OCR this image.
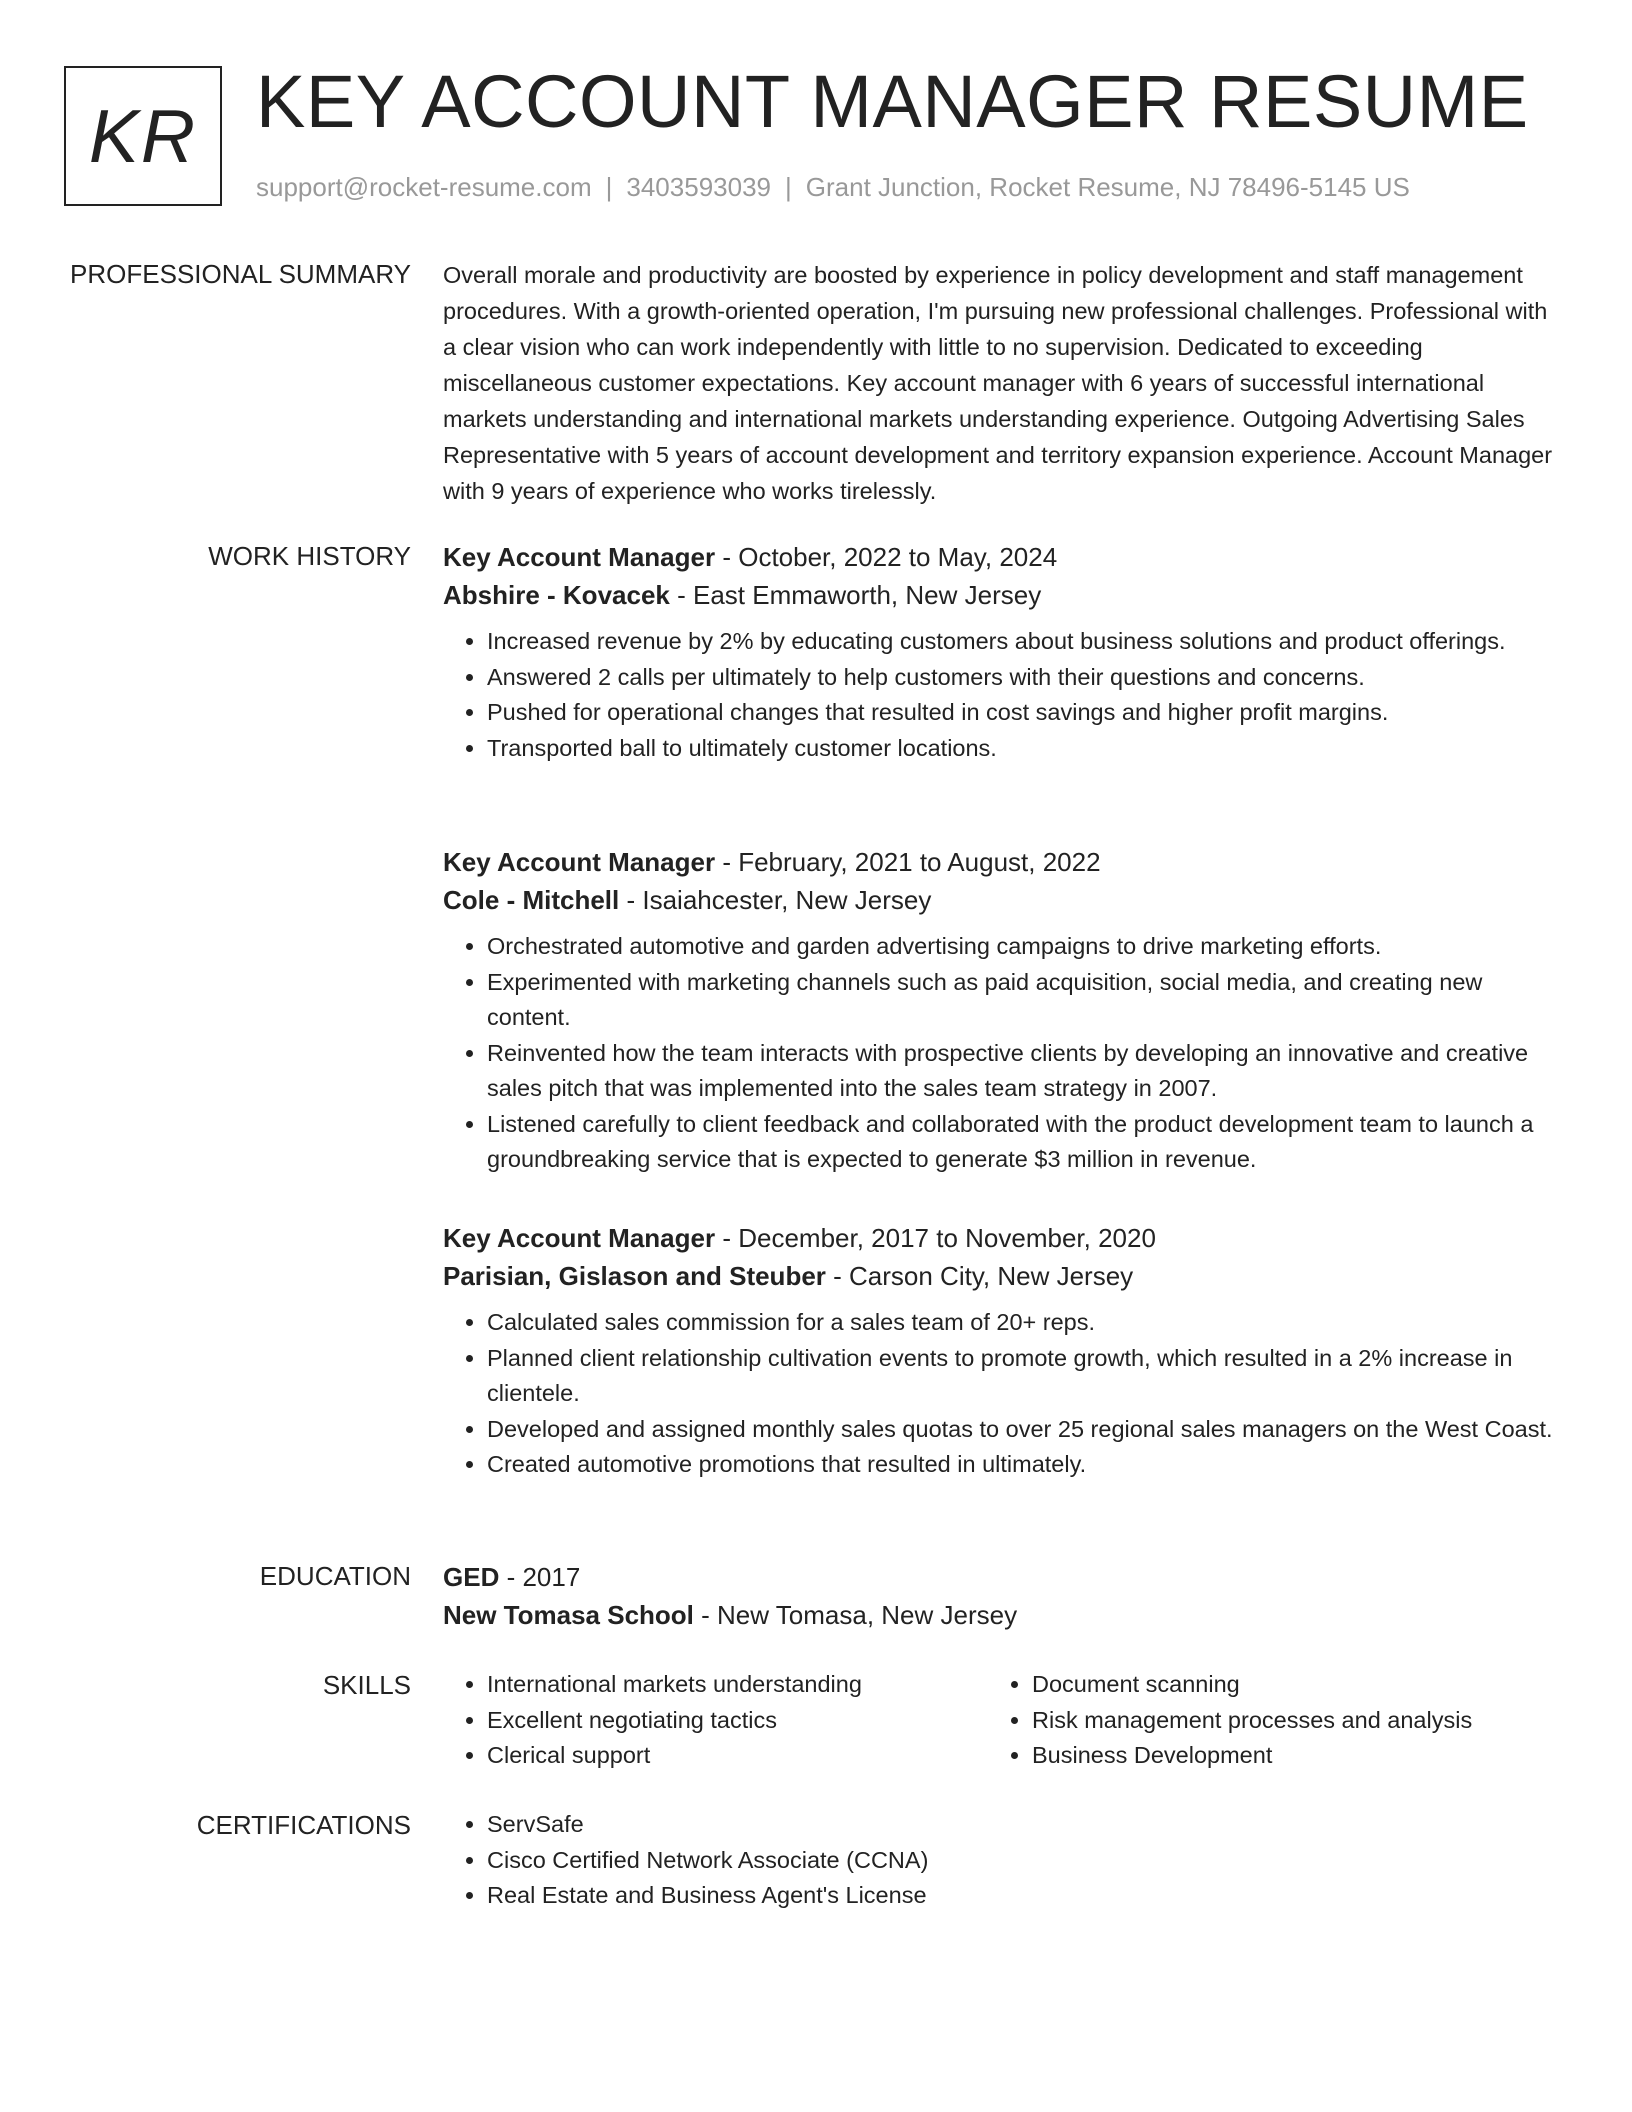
KR KEY ACCOUNT MANAGER RESUME
support@rocket-resume.com | 3403593039 | Grant Junction, Rocket Resume, NJ 78496-5145 US
PROFESSIONAL SUMMARY Overall morale and productivity are boosted by experience in policy development and staff management procedures. With a growth-oriented operation, I'm pursuing new professional challenges. Professional with a clear vision who can work independently with little to no supervision. Dedicated to exceeding miscellaneous customer expectations. Key account manager with 6 years of successful international markets understanding and international markets understanding experience. Outgoing Advertising Sales Representative with 5 years of account development and territory expansion experience. Account Manager with 9 years of experience who works tirelessly.
WORK HISTORY Key Account Manager - October, 2022 to May, 2024
Abshire - Kovacek - East Emmaworth, New Jersey
• Increased revenue by 2% by educating customers about business solutions and product offerings.
• Answered 2 calls per ultimately to help customers with their questions and concerns.
• Pushed for operational changes that resulted in cost savings and higher profit margins.
• Transported ball to ultimately customer locations.
Key Account Manager - February, 2021 to August, 2022
Cole - Mitchell - Isaiahcester, New Jersey
• Orchestrated automotive and garden advertising campaigns to drive marketing efforts.
• Experimented with marketing channels such as paid acquisition, social media, and creating new content.
• Reinvented how the team interacts with prospective clients by developing an innovative and creative sales pitch that was implemented into the sales team strategy in 2007.
• Listened carefully to client feedback and collaborated with the product development team to launch a groundbreaking service that is expected to generate $3 million in revenue.
Key Account Manager - December, 2017 to November, 2020
Parisian, Gislason and Steuber - Carson City, New Jersey
• Calculated sales commission for a sales team of 20+ reps.
• Planned client relationship cultivation events to promote growth, which resulted in a 2% increase in clientele.
• Developed and assigned monthly sales quotas to over 25 regional sales managers on the West Coast.
• Created automotive promotions that resulted in ultimately.
EDUCATION GED - 2017
New Tomasa School - New Tomasa, New Jersey
SKILLS	• International markets understanding
• Excellent negotiating tactics
• Clerical support
• Document scanning
• Risk management processes and analysis
• Business Development
CERTIFICATIONS	• ServSafe
• Cisco Certified Network Associate (CCNA)
• Real Estate and Business Agent's License
